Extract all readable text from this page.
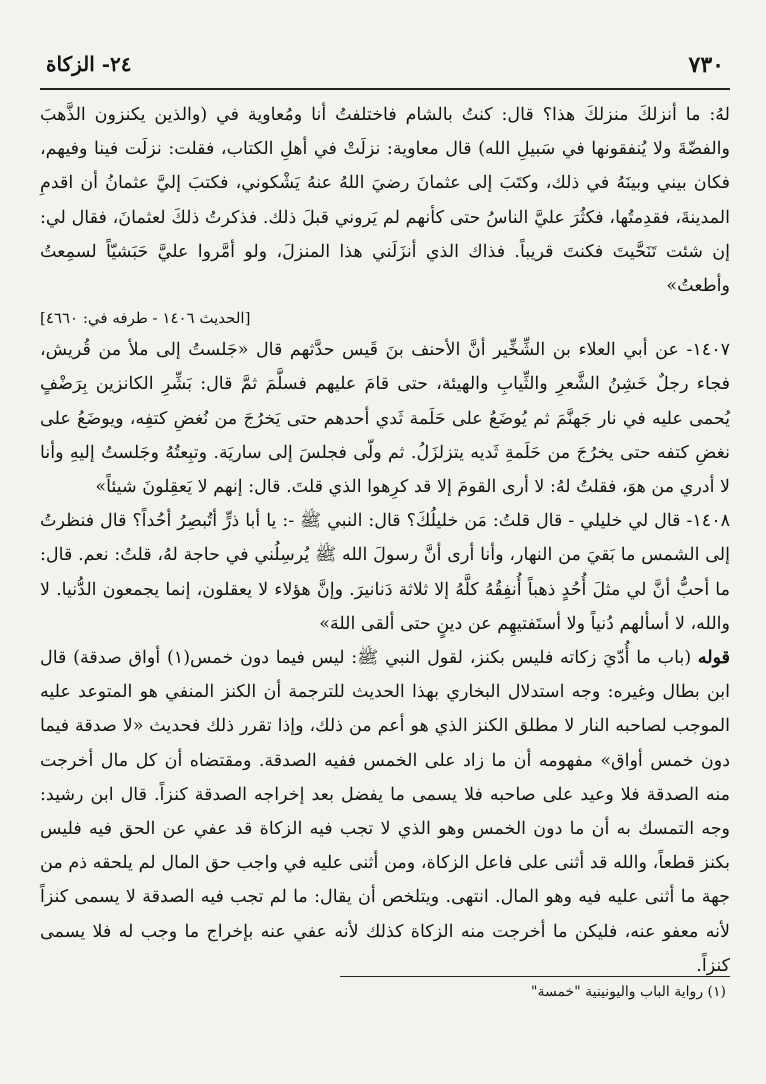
٧٣٠
٢٤- الزكاة

لهُ: ما أنزلكَ منزلكَ هذا؟ قال: كنتُ بالشام فاختلفتُ أنا ومُعاوية في (والذين يكنزون الذَّهبَ والفضّةَ ولا يُنفقونها في سَبيلِ الله) قال معاوية: نزلَتْ في أهلِ الكتاب، فقلت: نزلَت فينا وفيهم، فكان بيني وبينَهُ في ذلك، وكتَبَ إلى عثمانَ رضيَ اللهُ عنهُ يَشْكوني، فكتبَ إليَّ عثمانُ أن اقدمِ المدينةَ، فقدِمتُها، فكثُرَ عليَّ الناسُ حتى كأنهم لم يَروني قبلَ ذلك. فذكرتُ ذلكَ لعثمانَ، فقال لي: إن شئت تَنَحَّيتَ فكنتَ قريباً. فذاك الذي أنزَلَني هذا المنزلَ، ولو أمَّروا عليَّ حَبَشيّاً لسمِعتُ وأطعتُ»

[الحديث ١٤٠٦ - طرفه في: ٤٦٦٠]

١٤٠٧- عن أبي العلاء بن الشِّخِّير أنَّ الأحنف بنَ قَيس حدَّثهم قال «جَلستُ إلى ملأ من قُريش، فجاء رجلٌ خَشِنُ الشَّعرِ والثِّيابِ والهيئة، حتى قامَ عليهم فسلَّمَ ثمَّ قال: بَشِّرِ الكانزين بِرَضْفٍ يُحمى عليه في نار جَهنَّمَ ثم يُوضَعُ على حَلَمة ثَدي أحدهم حتى يَخرُجَ من نُغضِ كتفِه، ويوضَعُ على نغضِ كتفه حتى يخرُجَ من حَلَمةِ ثَديه يتزلزَلُ. ثم ولّى فجلسَ إلى ساريَة. وتبِعتُهُ وجَلستُ إليهِ وأنا لا أدري من هوَ، فقلتُ لهُ: لا أرى القومَ إلا قد كرِهوا الذي قلتَ. قال: إنهم لا يَعقِلونَ شيئاً»

١٤٠٨- قال لي خليلي - قال قلتُ: مَن خليلُكَ؟ قال: النبي ﷺ -: يا أبا ذرٍّ أتُبصِرُ أحُداً؟ قال فنظرتُ إلى الشمس ما بَقيَ من النهار، وأنا أرى أنَّ رسولَ الله ﷺ يُرسِلُني في حاجة لهُ، قلتُ: نعم. قال: ما أحبُّ أنَّ لي مثلَ أُحُدٍ ذهباً أُنفِقُهُ كلَّهُ إلا ثلاثة دَنانيرَ. وإنَّ هؤلاء لا يعقلون، إنما يجمعون الدُّنيا. لا والله، لا أسألهم دُنياً ولا أستَفتيهِم عن دينٍ حتى ألقى اللهَ»

قوله (باب ما أُدّيَ زكاته فليس بكنز، لقول النبي ﷺ: ليس فيما دون خمس(١) أواق صدقة) قال ابن بطال وغيره: وجه استدلال البخاري بهذا الحديث للترجمة أن الكنز المنفي هو المتوعد عليه الموجب لصاحبه النار لا مطلق الكنز الذي هو أعم من ذلك، وإذا تقرر ذلك فحديث «لا صدقة فيما دون خمس أواق» مفهومه أن ما زاد على الخمس ففيه الصدقة. ومقتضاه أن كل مال أخرجت منه الصدقة فلا وعيد على صاحبه فلا يسمى ما يفضل بعد إخراجه الصدقة كنزاً. قال ابن رشيد: وجه التمسك به أن ما دون الخمس وهو الذي لا تجب فيه الزكاة قد عفي عن الحق فيه فليس بكنز قطعاً، والله قد أثنى على فاعل الزكاة، ومن أثنى عليه في واجب حق المال لم يلحقه ذم من جهة ما أثنى عليه فيه وهو المال. انتهى. ويتلخص أن يقال: ما لم تجب فيه الصدقة لا يسمى كنزاً لأنه معفو عنه، فليكن ما أخرجت منه الزكاة كذلك لأنه عفي عنه بإخراج ما وجب له فلا يسمى كنزاً.

(١) رواية الباب واليونينية "خمسة"
